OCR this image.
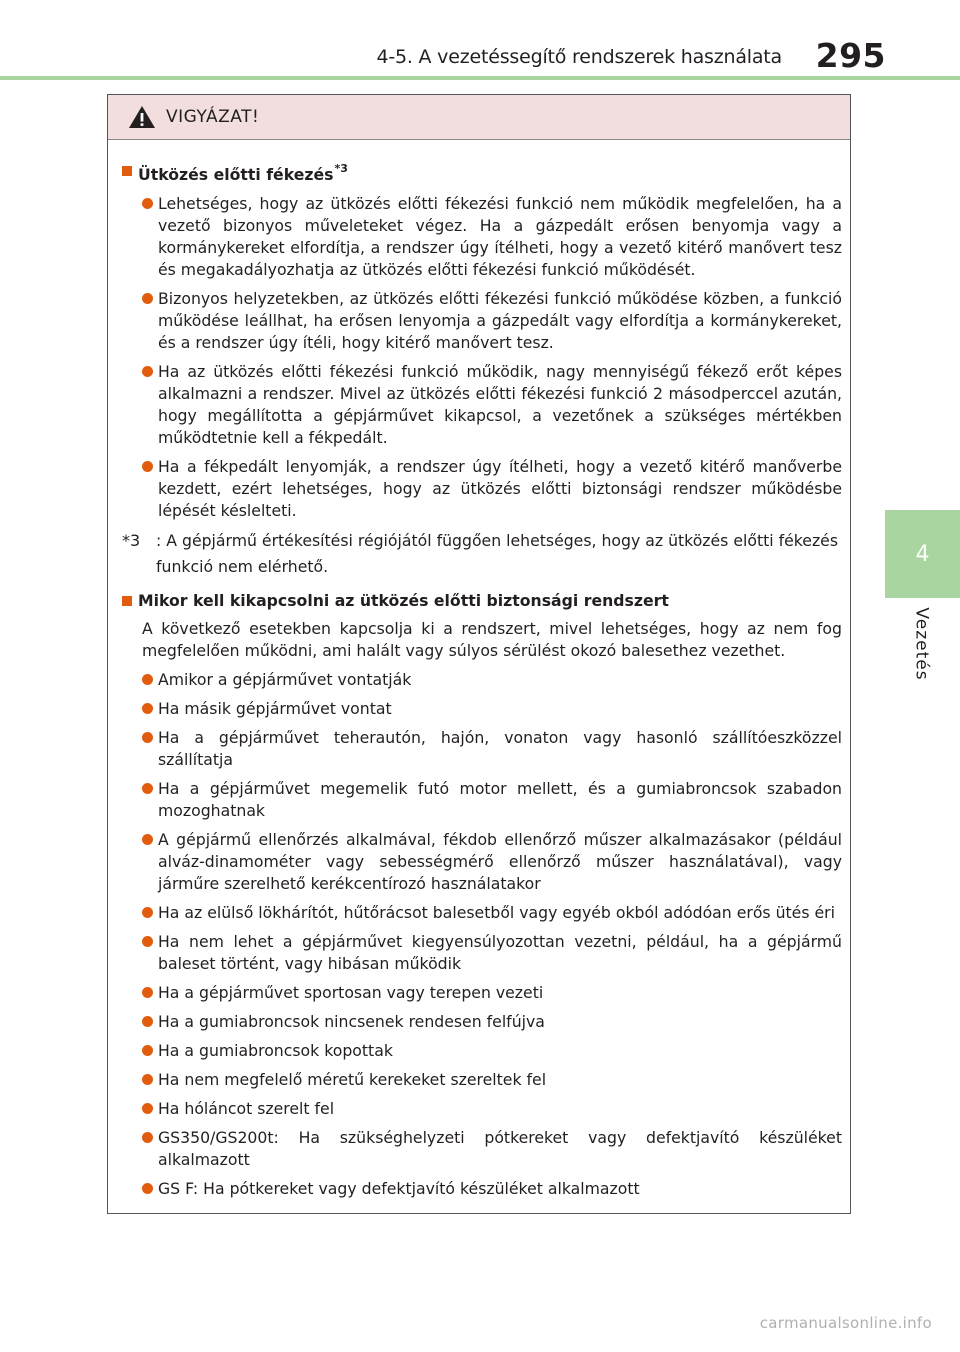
4-5. A vezetéssegítő rendszerek használata 295
4
Vezetés
VIGYÁZAT!
Ütközés előtti fékezés$^{*3}$
Lehetséges, hogy az ütközés előtti fékezési funkció nem működik megfelelően, ha a vezető bizonyos műveleteket végez. Ha a gázpedált erősen benyomja vagy a kormánykereket elfordítja, a rendszer úgy ítélheti, hogy a vezető kitérő manővert tesz és megakadályozhatja az ütközés előtti fékezési funkció működését.
Bizonyos helyzetekben, az ütközés előtti fékezési funkció működése közben, a funkció működése leállhat, ha erősen lenyomja a gázpedált vagy elfordítja a kormánykereket, és a rendszer úgy ítéli, hogy kitérő manővert tesz.
Ha az ütközés előtti fékezési funkció működik, nagy mennyiségű fékező erőt képes alkalmazni a rendszer. Mivel az ütközés előtti fékezési funkció 2 másodperccel azután, hogy megállította a gépjárművet kikapcsol, a vezetőnek a szükséges mértékben működtetnie kell a fékpedált.
Ha a fékpedált lenyomják, a rendszer úgy ítélheti, hogy a vezető kitérő manőverbe kezdett, ezért lehetséges, hogy az ütközés előtti biztonsági rendszer működésbe lépését késlelteti.
*3	: A gépjármű értékesítési régiójától függően lehetséges, hogy az ütközés előtti fékezés funkció nem elérhető.
Mikor kell kikapcsolni az ütközés előtti biztonsági rendszert
A következő esetekben kapcsolja ki a rendszert, mivel lehetséges, hogy az nem fog megfelelően működni, ami halált vagy súlyos sérülést okozó balesethez vezethet.
Amikor a gépjárművet vontatják
Ha másik gépjárművet vontat
Ha a gépjárművet teherautón, hajón, vonaton vagy hasonló szállítóeszközzel szállítatja
Ha a gépjárművet megemelik futó motor mellett, és a gumiabroncsok szabadon mozoghatnak
A gépjármű ellenőrzés alkalmával, fékdob ellenőrző műszer alkalmazásakor (például alváz-dinamométer vagy sebességmérő ellenőrző műszer használatával), vagy járműre szerelhető kerékcentírozó használatakor
Ha az elülső lökhárítót, hűtőrácsot balesetből vagy egyéb okból adódóan erős ütés éri
Ha nem lehet a gépjárművet kiegyensúlyozottan vezetni, például, ha a gépjármű baleset történt, vagy hibásan működik
Ha a gépjárművet sportosan vagy terepen vezeti
Ha a gumiabroncsok nincsenek rendesen felfújva
Ha a gumiabroncsok kopottak
Ha nem megfelelő méretű kerekeket szereltek fel
Ha hóláncot szerelt fel
GS350/GS200t: Ha szükséghelyzeti pótkereket vagy defektjavító készüléket alkalmazott
GS F: Ha pótkereket vagy defektjavító készüléket alkalmazott
carmanualsonline.info
